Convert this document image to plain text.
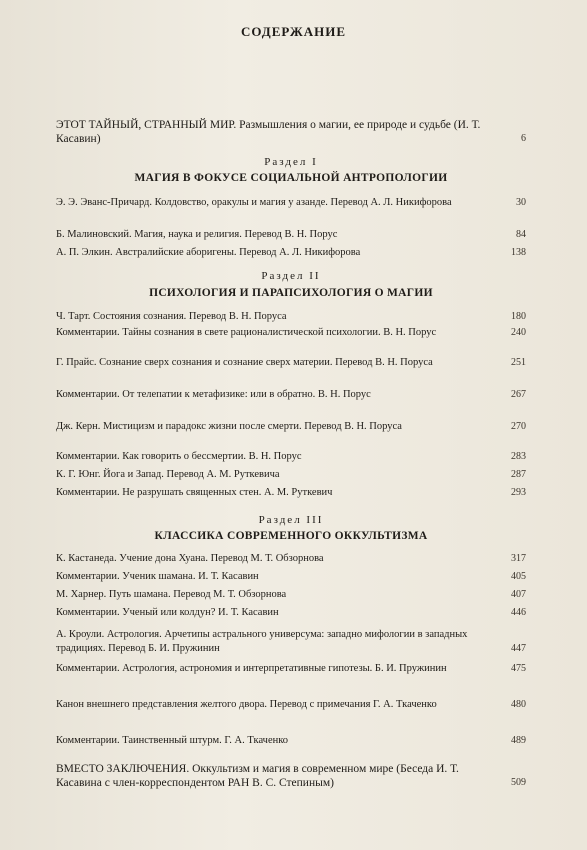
СОДЕРЖАНИЕ
ЭТОТ ТАЙНЫЙ, СТРАННЫЙ МИР. Размышления о магии, ее природе и судьбе (И. Т. Касавин)	6
Раздел I
МАГИЯ В ФОКУСЕ СОЦИАЛЬНОЙ АНТРОПОЛОГИИ
Э. Э. Эванс-Причард. Колдовство, оракулы и магия у азанде. Перевод А. Л. Никифорова	30
Б. Малиновский. Магия, наука и религия. Перевод В. Н. Порус	84
А. П. Элкин. Австралийские аборигены. Перевод А. Л. Никифорова	138
Раздел II
ПСИХОЛОГИЯ И ПАРАПСИХОЛОГИЯ О МАГИИ
Ч. Тарт. Состояния сознания. Перевод В. Н. Поруса	180
Комментарии. Тайны сознания в свете рационалистической психологии. В. Н. Порус	240
Г. Прайс. Сознание сверх сознания и сознание сверх материи. Перевод В. Н. Поруса	251
Комментарии. От телепатии к метафизике: или в обратно. В. Н. Порус	267
Дж. Керн. Мистицизм и парадокс жизни после смерти. Перевод В. Н. Поруса	270
Комментарии. Как говорить о бессмертии. В. Н. Порус	283
К. Г. Юнг. Йога и Запад. Перевод А. М. Руткевича	287
Комментарии. Не разрушать священных стен. А. М. Руткевич	293
Раздел III
КЛАССИКА СОВРЕМЕННОГО ОККУЛЬТИЗМА
К. Кастанеда. Учение дона Хуана. Перевод М. Т. Обзорнова	317
Комментарии. Ученик шамана. И. Т. Касавин	405
М. Харнер. Путь шамана. Перевод М. Т. Обзорнова	407
Комментарии. Ученый или колдун? И. Т. Касавин	446
А. Кроули. Астрология. Арчетипы астрального универсума: западно мифологии в западных традициях. Перевод Б. И. Пружинин	447
Комментарии. Астрология, астрономия и интерпретативные гипотезы. Б. И. Пружинин	475
Канон внешнего представления желтого двора. Перевод с примечания Г. А. Ткаченко	480
Комментарии. Таинственный штурм. Г. А. Ткаченко	489
ВМЕСТО ЗАКЛЮЧЕНИЯ. Оккультизм и магия в современном мире (Беседа И. Т. Касавина с член-корреспондентом РАН В. С. Степиным)	509
